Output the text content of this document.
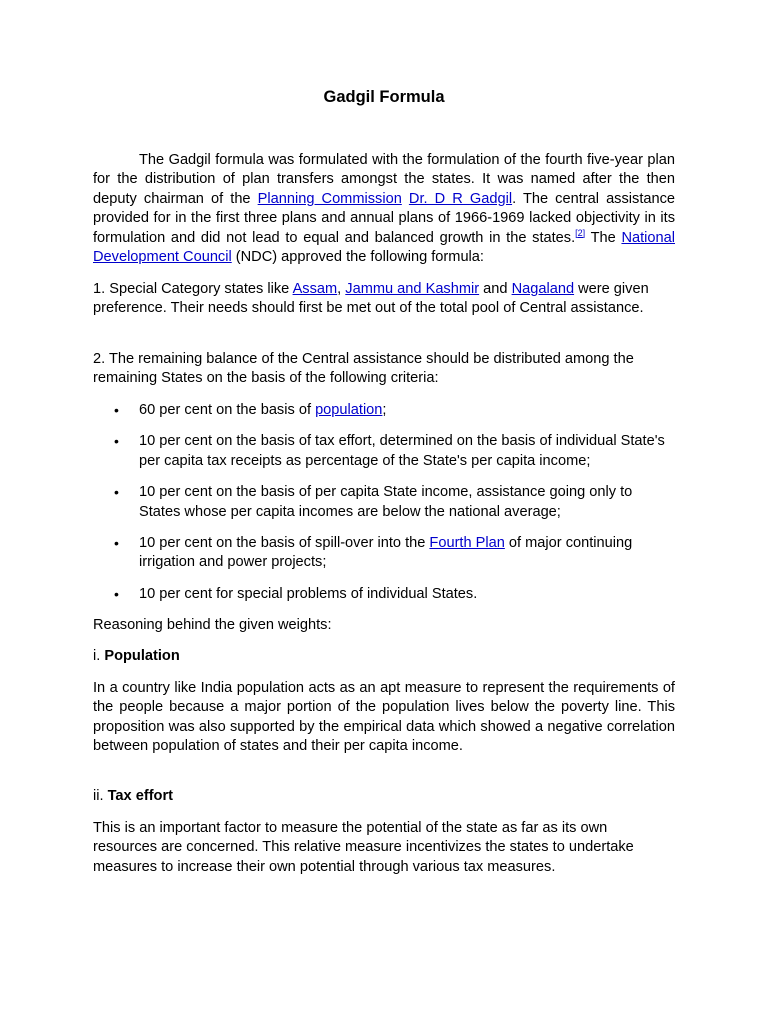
Gadgil Formula

The Gadgil formula was formulated with the formulation of the fourth five-year plan for the distribution of plan transfers amongst the states. It was named after the then deputy chairman of the Planning Commission Dr. D R Gadgil. The central assistance provided for in the first three plans and annual plans of 1966-1969 lacked objectivity in its formulation and did not lead to equal and balanced growth in the states.[2] The National Development Council (NDC) approved the following formula:

1. Special Category states like Assam, Jammu and Kashmir and Nagaland were given preference. Their needs should first be met out of the total pool of Central assistance.

2. The remaining balance of the Central assistance should be distributed among the remaining States on the basis of the following criteria:

• 60 per cent on the basis of population;
• 10 per cent on the basis of tax effort, determined on the basis of individual State's per capita tax receipts as percentage of the State's per capita income;
• 10 per cent on the basis of per capita State income, assistance going only to States whose per capita incomes are below the national average;
• 10 per cent on the basis of spill-over into the Fourth Plan of major continuing irrigation and power projects;
• 10 per cent for special problems of individual States.

Reasoning behind the given weights:

i. Population

In a country like India population acts as an apt measure to represent the requirements of the people because a major portion of the population lives below the poverty line. This proposition was also supported by the empirical data which showed a negative correlation between population of states and their per capita income.

ii. Tax effort

This is an important factor to measure the potential of the state as far as its own resources are concerned. This relative measure incentivizes the states to undertake measures to increase their own potential through various tax measures.
